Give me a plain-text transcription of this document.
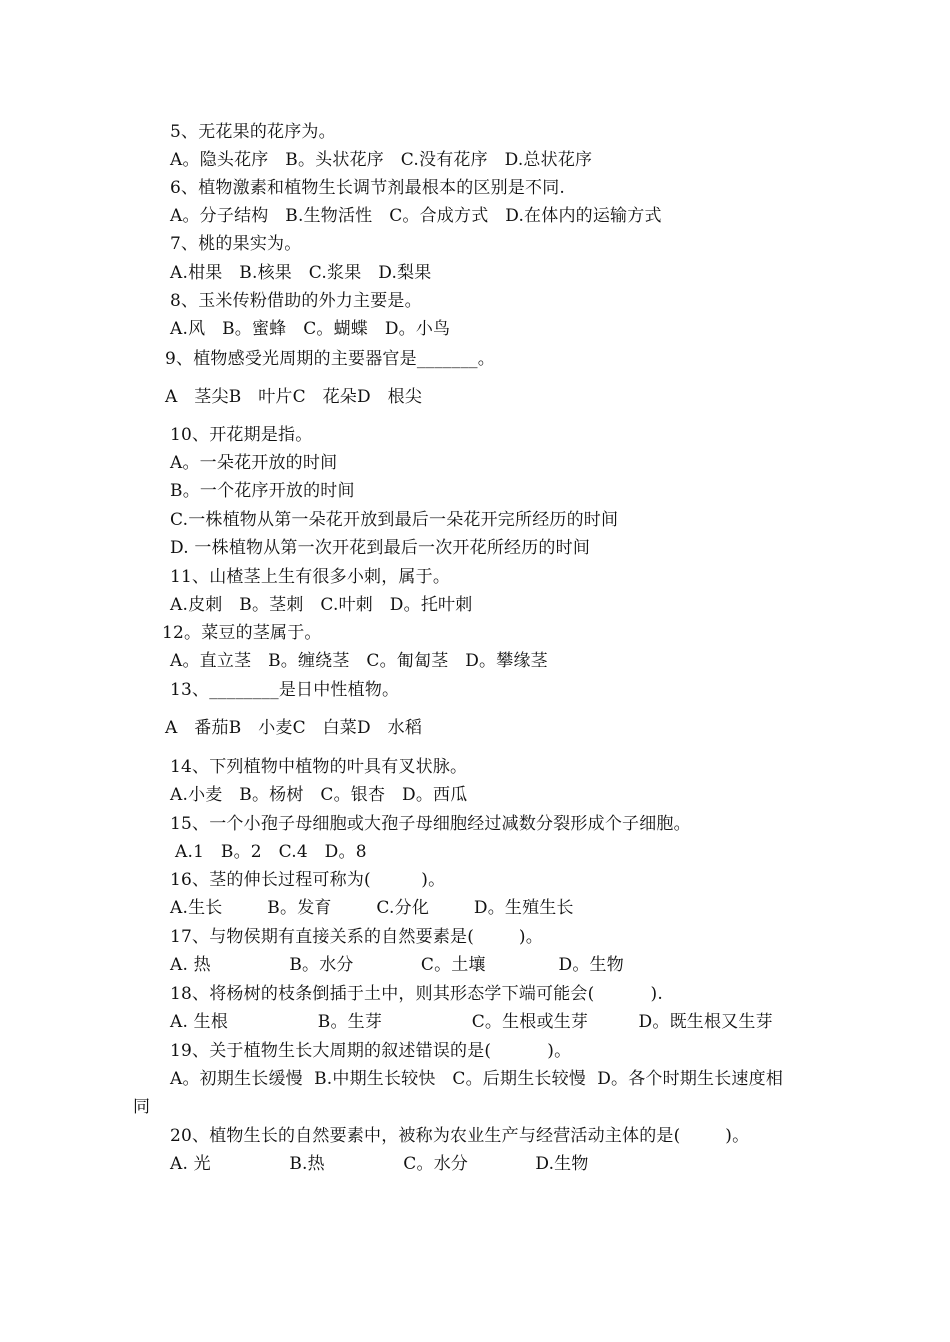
5、无花果的花序为。
A。隐头花序   B。头状花序   C.没有花序   D.总状花序
6、植物激素和植物生长调节剂最根本的区别是不同.
A。分子结构   B.生物活性   C。合成方式   D.在体内的运输方式
7、桃的果实为。
A.柑果   B.核果   C.浆果   D.梨果
8、玉米传粉借助的外力主要是。
A.风   B。蜜蜂   C。蝴蝶   D。小鸟
9、植物感受光周期的主要器官是_______。
A   茎尖B   叶片C   花朵D   根尖
10、开花期是指。
A。一朵花开放的时间
B。一个花序开放的时间
C.一株植物从第一朵花开放到最后一朵花开完所经历的时间
D. 一株植物从第一次开花到最后一次开花所经历的时间
11、山楂茎上生有很多小刺，属于。
A.皮刺   B。茎刺   C.叶刺   D。托叶刺
12。菜豆的茎属于。
A。直立茎   B。缠绕茎   C。匍匐茎   D。攀缘茎
13、________是日中性植物。
A   番茄B   小麦C   白菜D   水稻
14、下列植物中植物的叶具有叉状脉。
A.小麦   B。杨树   C。银杏   D。西瓜
15、一个小孢子母细胞或大孢子母细胞经过减数分裂形成个子细胞。
A.1   B。2   C.4   D。8
16、茎的伸长过程可称为(         )。
A.生长        B。发育        C.分化        D。生殖生长
17、与物侯期有直接关系的自然要素是(        )。
A. 热              B。水分            C。土壤             D。生物
18、将杨树的枝条倒插于土中，则其形态学下端可能会(          ).
A. 生根                B。生芽                C。生根或生芽         D。既生根又生芽
19、关于植物生长大周期的叙述错误的是(          )。
A。初期生长缓慢  B.中期生长较快   C。后期生长较慢  D。各个时期生长速度相
同
20、植物生长的自然要素中，被称为农业生产与经营活动主体的是(        )。
A. 光              B.热              C。水分            D.生物
